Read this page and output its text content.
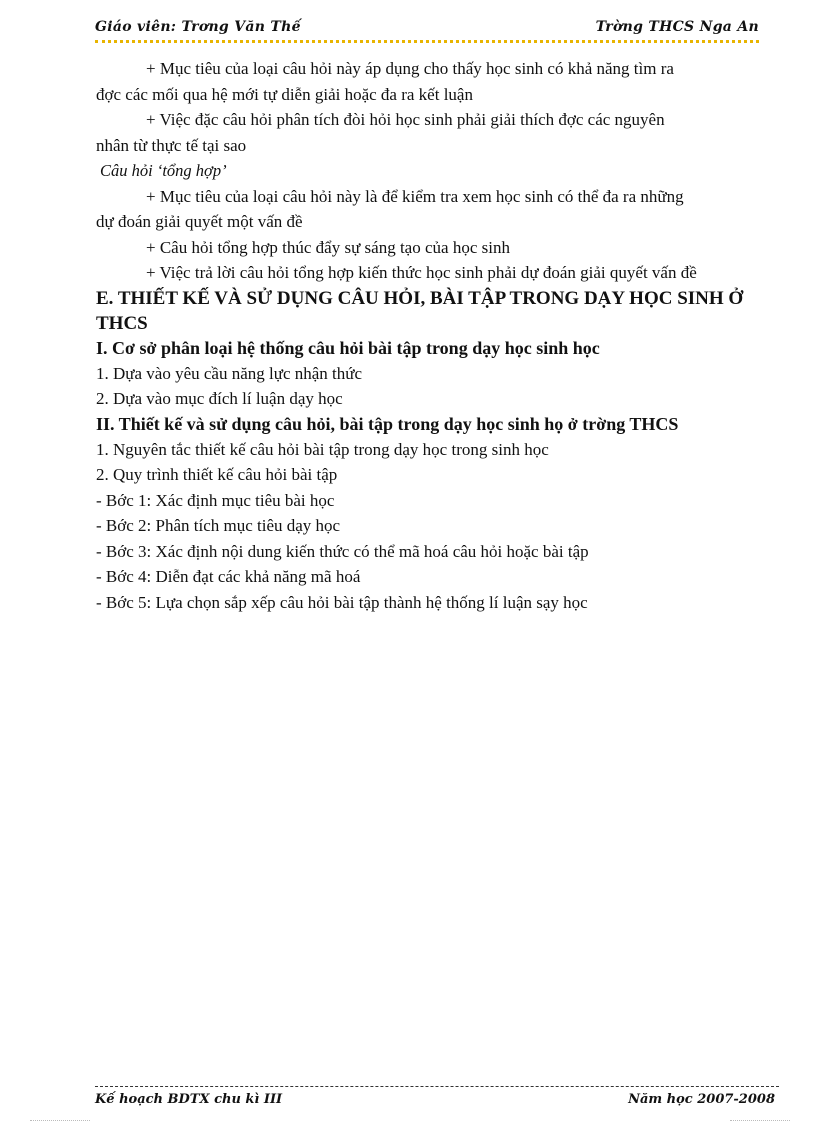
Giáo viên: Trơng Văn Thế	Trờng THCS Nga An
+ Mục tiêu của loại câu hỏi này áp dụng cho thấy học sinh có khả năng tìm ra
đợc các mối qua hệ mới tự diễn giải hoặc đa ra kết luận
+ Việc đặc câu hỏi phân tích đòi hỏi học sinh phải giải thích đợc các nguyên
nhân từ thực tế tại sao
Câu hỏi ‘tổng hợp’
+ Mục tiêu của loại câu hỏi này là để kiểm tra xem học sinh có thể đa ra những
dự đoán giải quyết một vấn đề
+ Câu hỏi tổng hợp thúc đẩy sự sáng tạo của học sinh
+ Việc trả lời câu hỏi tổng hợp kiến thức học sinh phải dự đoán giải quyết vấn đề
E. THIẾT KẾ VÀ SỬ DỤNG CÂU HỎI, BÀI TẬP TRONG DẠY HỌC SINH Ở THCS
I. Cơ sở phân loại hệ thống câu hỏi bài tập trong dạy học sinh học
1. Dựa vào yêu cầu năng lực nhận thức
2. Dựa vào mục đích lí luận dạy học
II. Thiết kế và sử dụng câu hỏi, bài tập trong dạy học sinh họ ở trờng THCS
1. Nguyên tắc thiết kế câu hỏi bài tập trong dạy học trong sinh học
2. Quy trình thiết kế câu hỏi bài tập
- Bớc 1: Xác định mục tiêu bài học
- Bớc 2: Phân tích mục tiêu dạy học
- Bớc 3: Xác định nội dung kiến thức có thể mã hoá câu hỏi hoặc bài tập
- Bớc 4: Diễn đạt các khả năng mã hoá
- Bớc 5: Lựa chọn sắp xếp câu hỏi bài tập thành hệ thống lí luận sạy học
Kế hoạch BDTX chu kì III	Năm học 2007-2008
